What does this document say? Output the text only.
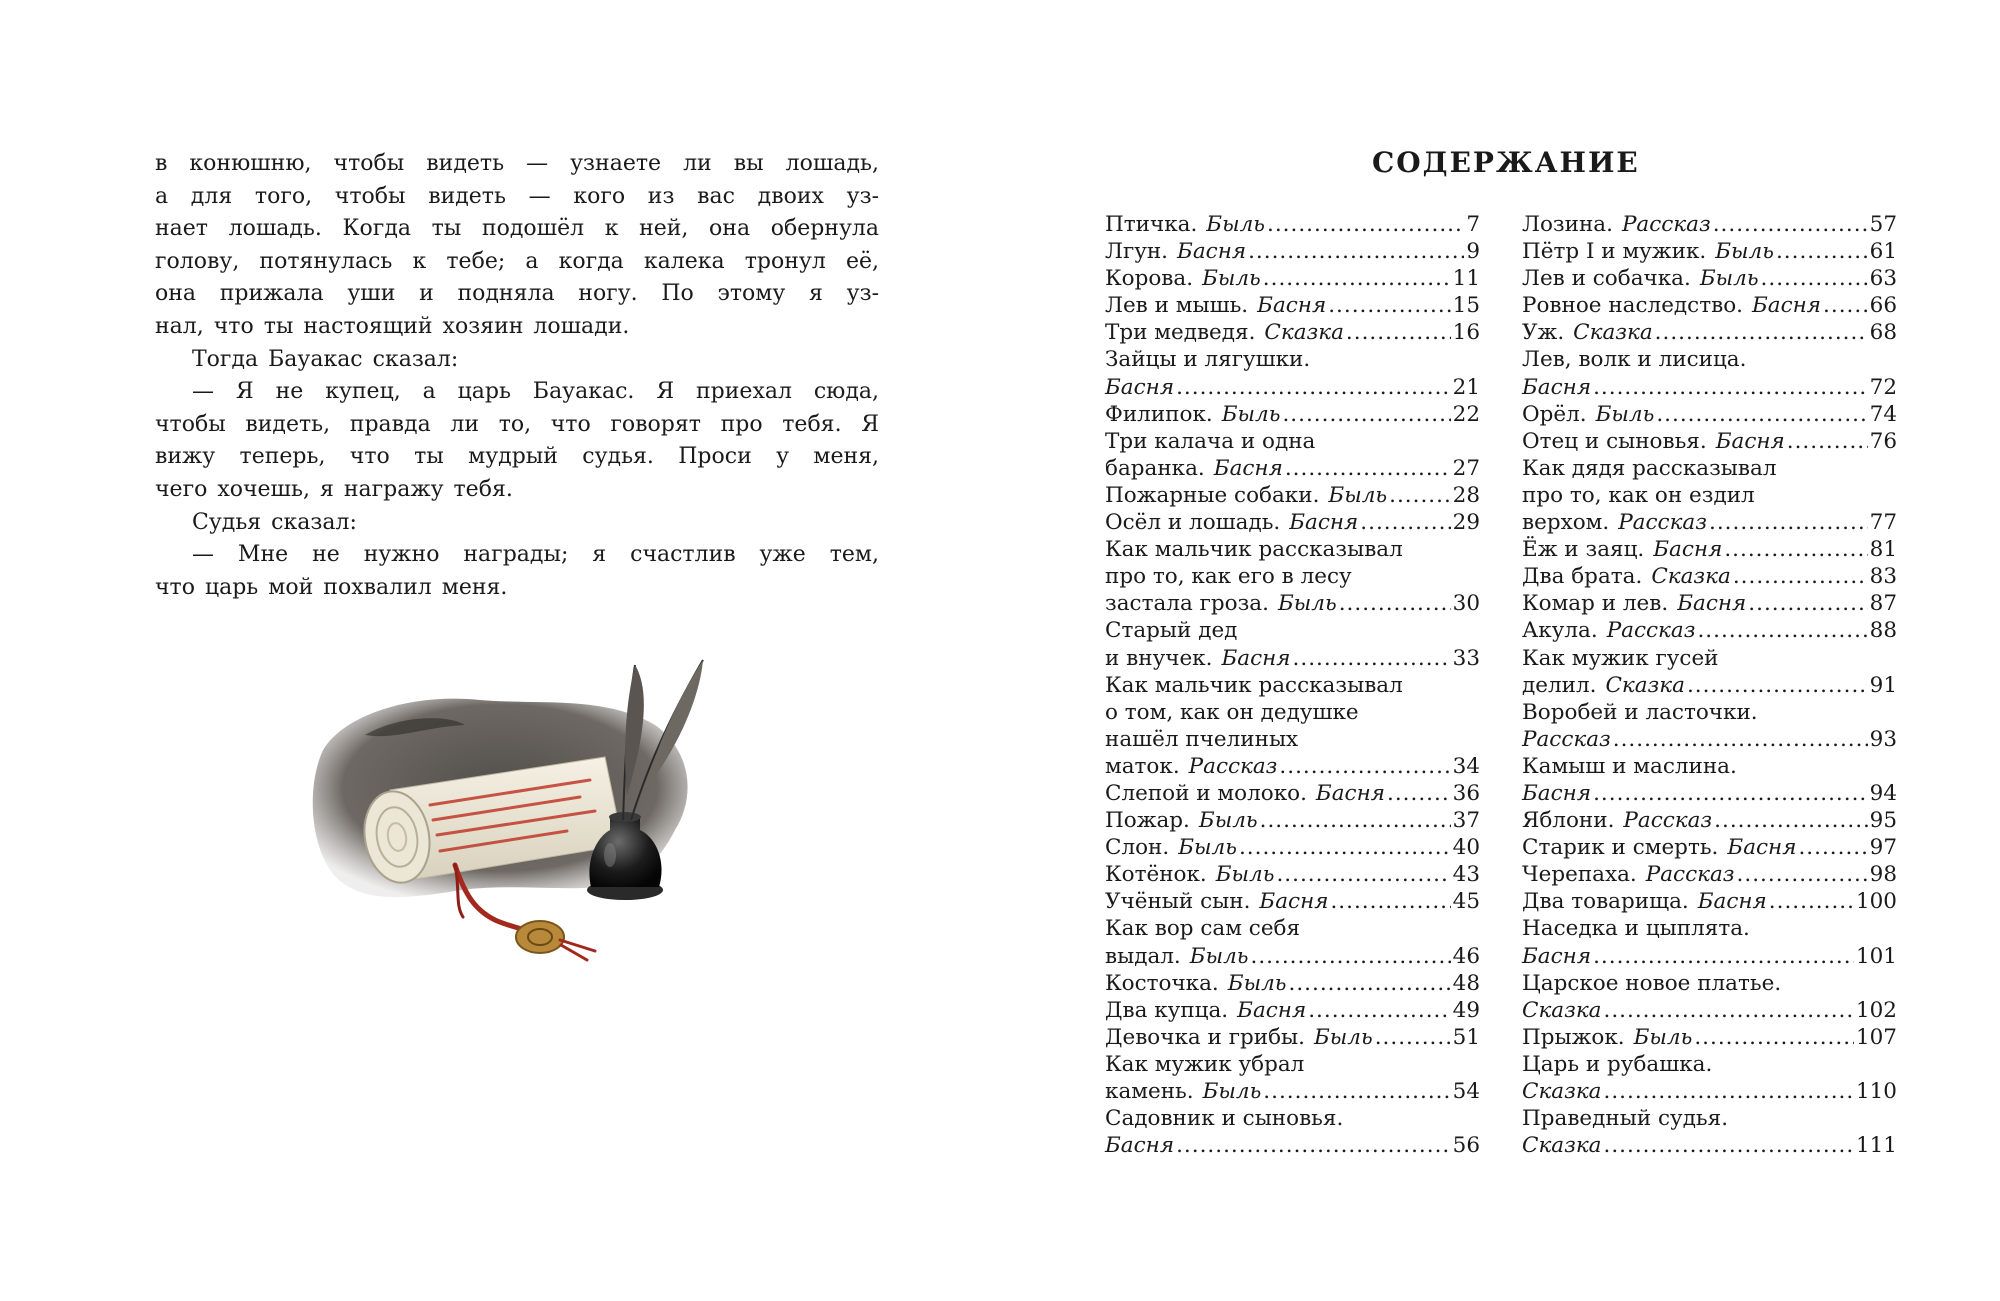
в конюшню, чтобы видеть — узнаете ли вы лошадь,
а для того, чтобы видеть — кого из вас двоих уз-
нает лошадь. Когда ты подошёл к ней, она обернула
голову, потянулась к тебе; а когда калека тронул её,
она прижала уши и подняла ногу. По этому я уз-
нал, что ты настоящий хозяин лошади.
Тогда Бауакас сказал:
— Я не купец, а царь Бауакас. Я приехал сюда,
чтобы видеть, правда ли то, что говорят про тебя. Я
вижу теперь, что ты мудрый судья. Проси у меня,
чего хочешь, я награжу тебя.
Судья сказал:
— Мне не нужно награды; я счастлив уже тем,
что царь мой похвалил меня.
СОДЕРЖАНИЕ
Птичка. Быль .....	7
Лгун. Басня .....	9
Корова. Быль .....	11
Лев и мышь. Басня .....	15
Три медведя. Сказка .....	16
Зайцы и лягушки.
Басня .....	21
Филипок. Быль .....	22
Три калача и одна
баранка. Басня .....	27
Пожарные собаки. Быль .....	28
Осёл и лошадь. Басня .....	29
Как мальчик рассказывал
про то, как его в лесу
застала гроза. Быль .....	30
Старый дед
и внучек. Басня .....	33
Как мальчик рассказывал
о том, как он дедушке
нашёл пчелиных
маток. Рассказ .....	34
Слепой и молоко. Басня .....	36
Пожар. Быль .....	37
Слон. Быль .....	40
Котёнок. Быль .....	43
Учёный сын. Басня .....	45
Как вор сам себя
выдал. Быль .....	46
Косточка. Быль .....	48
Два купца. Басня .....	49
Девочка и грибы. Быль .....	51
Как мужик убрал
камень. Быль .....	54
Садовник и сыновья.
Басня .....	56
Лозина. Рассказ .....	57
Пётр I и мужик. Быль .....	61
Лев и собачка. Быль .....	63
Ровное наследство. Басня ..... 66
Уж. Сказка .....	68
Лев, волк и лисица.
Басня .....	72
Орёл. Быль .....	74
Отец и сыновья. Басня .....	76
Как дядя рассказывал
про то, как он ездил
верхом. Рассказ .....	77
Ёж и заяц. Басня .....	81
Два брата. Сказка .....	83
Комар и лев. Басня .....	87
Акула. Рассказ .....	88
Как мужик гусей
делил. Сказка .....	91
Воробей и ласточки.
Рассказ .....	93
Камыш и маслина.
Басня .....	94
Яблони. Рассказ .....	95
Старик и смерть. Басня .....	97
Черепаха. Рассказ .....	98
Два товарища. Басня .....	100
Наседка и цыплята.
Басня .....	101
Царское новое платье.
Сказка .....	102
Прыжок. Быль .....	107
Царь и рубашка.
Сказка .....	110
Праведный судья.
Сказка .....	111
